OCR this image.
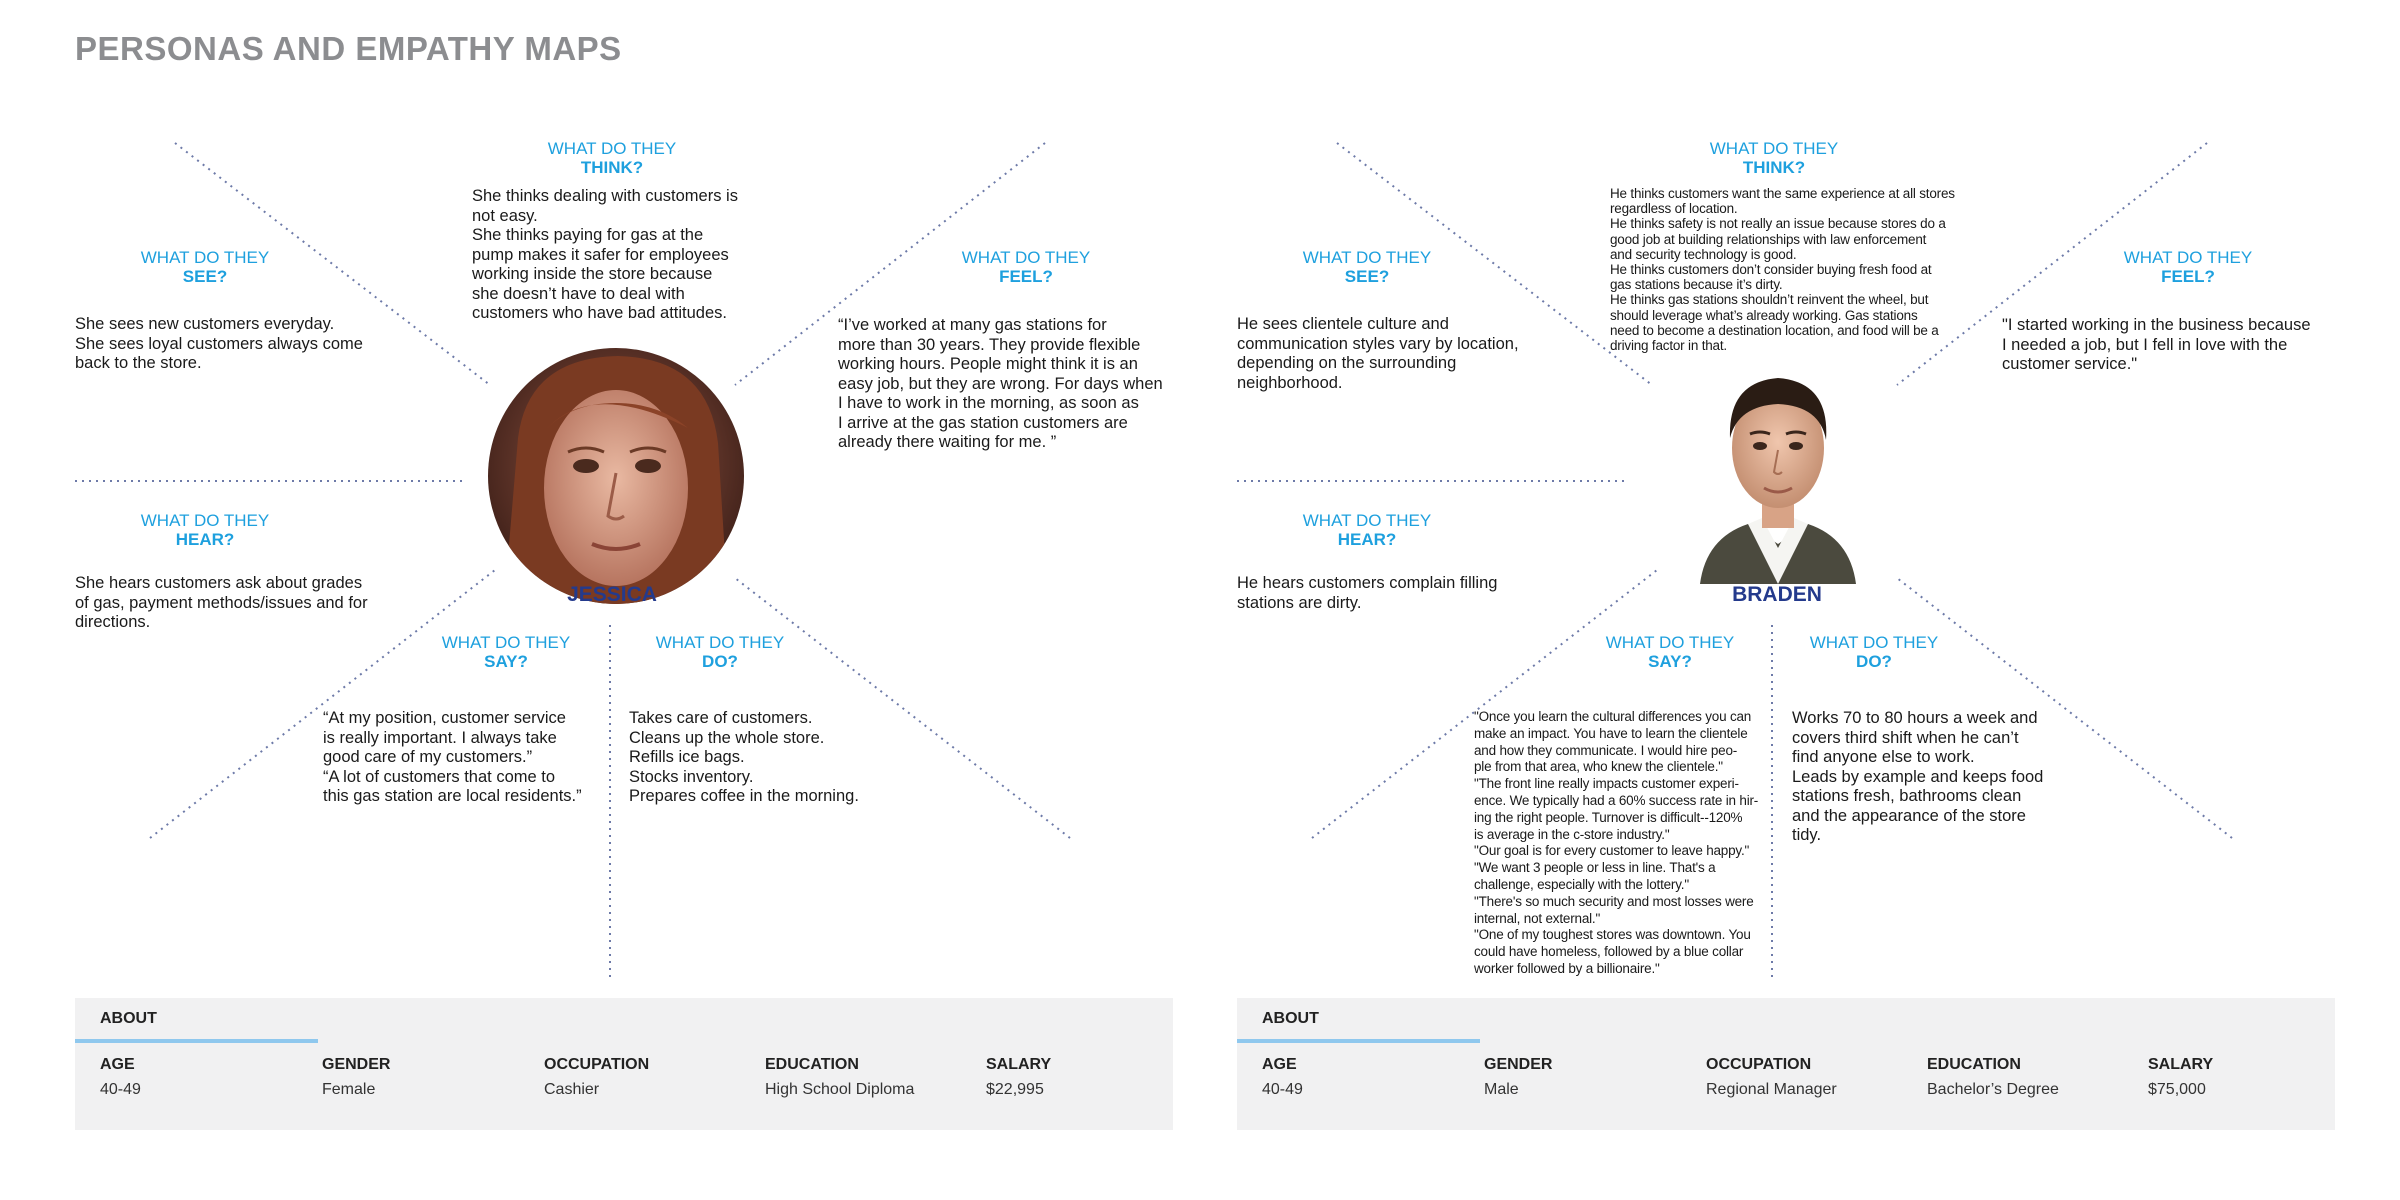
PERSONAS AND EMPATHY MAPS
WHAT DO THEY
THINK?
She thinks dealing with customers is
not easy.
She thinks paying for gas at the
pump makes it safer for employees
working inside the store because
she doesn’t have to deal with
customers who have bad attitudes.
WHAT DO THEY
SEE?
She sees new customers everyday.
She sees loyal customers always come
back to the store.
WHAT DO THEY
FEEL?
“I’ve worked at many gas stations for
more than 30 years. They provide flexible
working hours. People might think it is an
easy job, but they are wrong. For days when
I have to work in the morning, as soon as
I arrive at the gas station customers are
already there waiting for me. ”
JESSICA
WHAT DO THEY
HEAR?
She hears customers ask about grades
of gas, payment methods/issues and for
directions.
WHAT DO THEY
SAY?
“At my position, customer service
is really important. I always take
good care of my customers.”
“A lot of customers that come to
this gas station are local residents.”
WHAT DO THEY
DO?
Takes care of customers.
Cleans up the whole store.
Refills ice bags.
Stocks inventory.
Prepares coffee in the morning.
ABOUT
AGE
40-49
GENDER
Female
OCCUPATION
Cashier
EDUCATION
High School Diploma
SALARY
$22,995
WHAT DO THEY
THINK?
He thinks customers want the same experience at all stores
regardless of location.
He thinks safety is not really an issue because stores do a
good job at building relationships with law enforcement
and security technology is good.
He thinks customers don’t consider buying fresh food at
gas stations because it’s dirty.
He thinks gas stations shouldn’t reinvent the wheel, but
should leverage what’s already working. Gas stations
need to become a destination location, and food will be a
driving factor in that.
WHAT DO THEY
SEE?
He sees clientele culture and
communication styles vary by location,
depending on the surrounding
neighborhood.
WHAT DO THEY
FEEL?
"I started working in the business because
I needed a job, but I fell in love with the
customer service."
BRADEN
WHAT DO THEY
HEAR?
He hears customers complain filling
stations are dirty.
WHAT DO THEY
SAY?
"Once you learn the cultural differences you can
make an impact. You have to learn the clientele
and how they communicate. I would hire peo-
ple from that area, who knew the clientele."
"The front line really impacts customer experi-
ence. We typically had a 60% success rate in hir-
ing the right people. Turnover is difficult--120%
is average in the c-store industry."
"Our goal is for every customer to leave happy."
"We want 3 people or less in line. That's a
challenge, especially with the lottery."
"There's so much security and most losses were
internal, not external."
"One of my toughest stores was downtown. You
could have homeless, followed by a blue collar
worker followed by a billionaire."
WHAT DO THEY
DO?
Works 70 to 80 hours a week and
covers third shift when he can’t
find anyone else to work.
Leads by example and keeps food
stations fresh, bathrooms clean
and the appearance of the store
tidy.
ABOUT
AGE
40-49
GENDER
Male
OCCUPATION
Regional Manager
EDUCATION
Bachelor’s Degree
SALARY
$75,000
